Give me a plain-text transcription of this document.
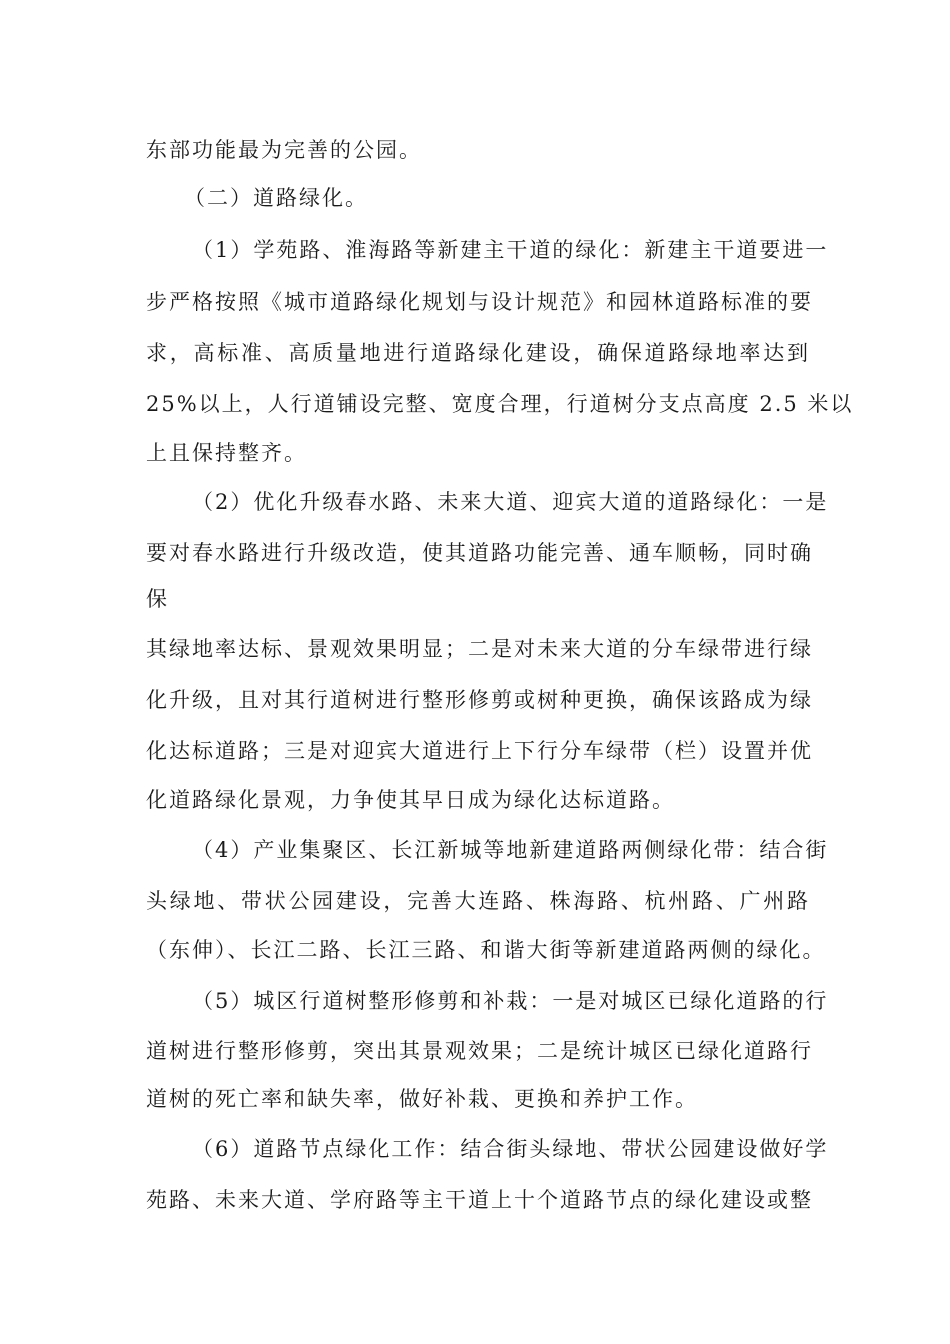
东部功能最为完善的公园。
（二）道路绿化。
（1）学苑路、淮海路等新建主干道的绿化：新建主干道要进一
步严格按照《城市道路绿化规划与设计规范》和园林道路标准的要
求，高标准、高质量地进行道路绿化建设，确保道路绿地率达到
25%以上，人行道铺设完整、宽度合理，行道树分支点高度 2.5 米以
上且保持整齐。
（2）优化升级春水路、未来大道、迎宾大道的道路绿化：一是
要对春水路进行升级改造，使其道路功能完善、通车顺畅，同时确
保
其绿地率达标、景观效果明显；二是对未来大道的分车绿带进行绿
化升级，且对其行道树进行整形修剪或树种更换，确保该路成为绿
化达标道路；三是对迎宾大道进行上下行分车绿带（栏）设置并优
化道路绿化景观，力争使其早日成为绿化达标道路。
（4）产业集聚区、长江新城等地新建道路两侧绿化带：结合街
头绿地、带状公园建设，完善大连路、株海路、杭州路、广州路
（东伸）、长江二路、长江三路、和谐大街等新建道路两侧的绿化。
（5）城区行道树整形修剪和补栽：一是对城区已绿化道路的行
道树进行整形修剪，突出其景观效果；二是统计城区已绿化道路行
道树的死亡率和缺失率，做好补栽、更换和养护工作。
（6）道路节点绿化工作：结合街头绿地、带状公园建设做好学
苑路、未来大道、学府路等主干道上十个道路节点的绿化建设或整
